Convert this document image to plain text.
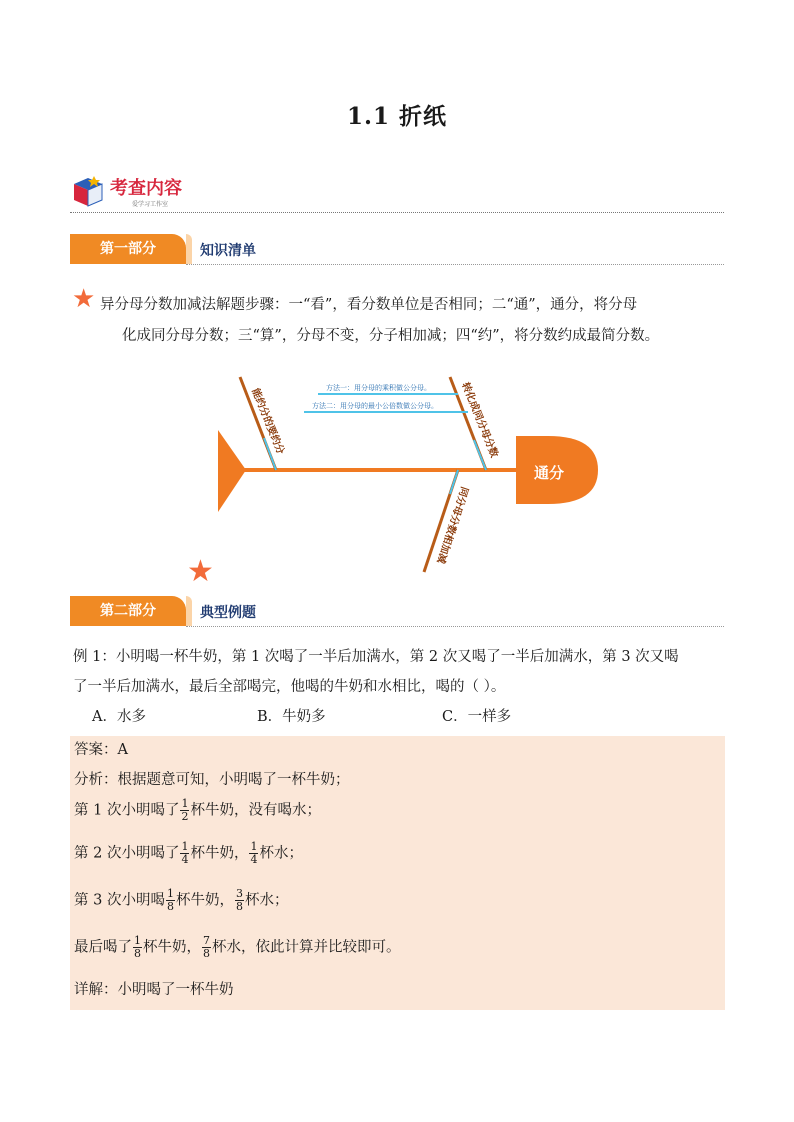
1.1 折纸
考查内容
爱学习工作室
第一部分	知识清单
★ 异分母分数加减法解题步骤：一“看”，看分数单位是否相同；二“通”，通分，将分母
化成同分母分数；三“算”，分母不变，分子相加减；四“约”，将分数约成最简分数。
通分
能约分的要约分	转化成同分母分数
方法一：用分母的乘积做公分母。
方法二：用分母的最小公倍数做公分母。
同分母分数相加减
★
第二部分	典型例题
例 1：小明喝一杯牛奶，第 1 次喝了一半后加满水，第 2 次又喝了一半后加满水，第 3 次又喝
了一半后加满水，最后全部喝完，他喝的牛奶和水相比，喝的（ ）。
A．水多	B．牛奶多	C．一样多
答案：A
分析：根据题意可知，小明喝了一杯牛奶；
第 1 次小明喝了 $\frac{1}{2}$ 杯牛奶，没有喝水；
第 2 次小明喝了 $\frac{1}{4}$ 杯牛奶， $\frac{1}{4}$ 杯水；
第 3 次小明喝 $\frac{1}{8}$ 杯牛奶， $\frac{3}{8}$ 杯水；
最后喝了 $\frac{1}{8}$ 杯牛奶， $\frac{7}{8}$ 杯水，依此计算并比较即可。
详解：小明喝了一杯牛奶
